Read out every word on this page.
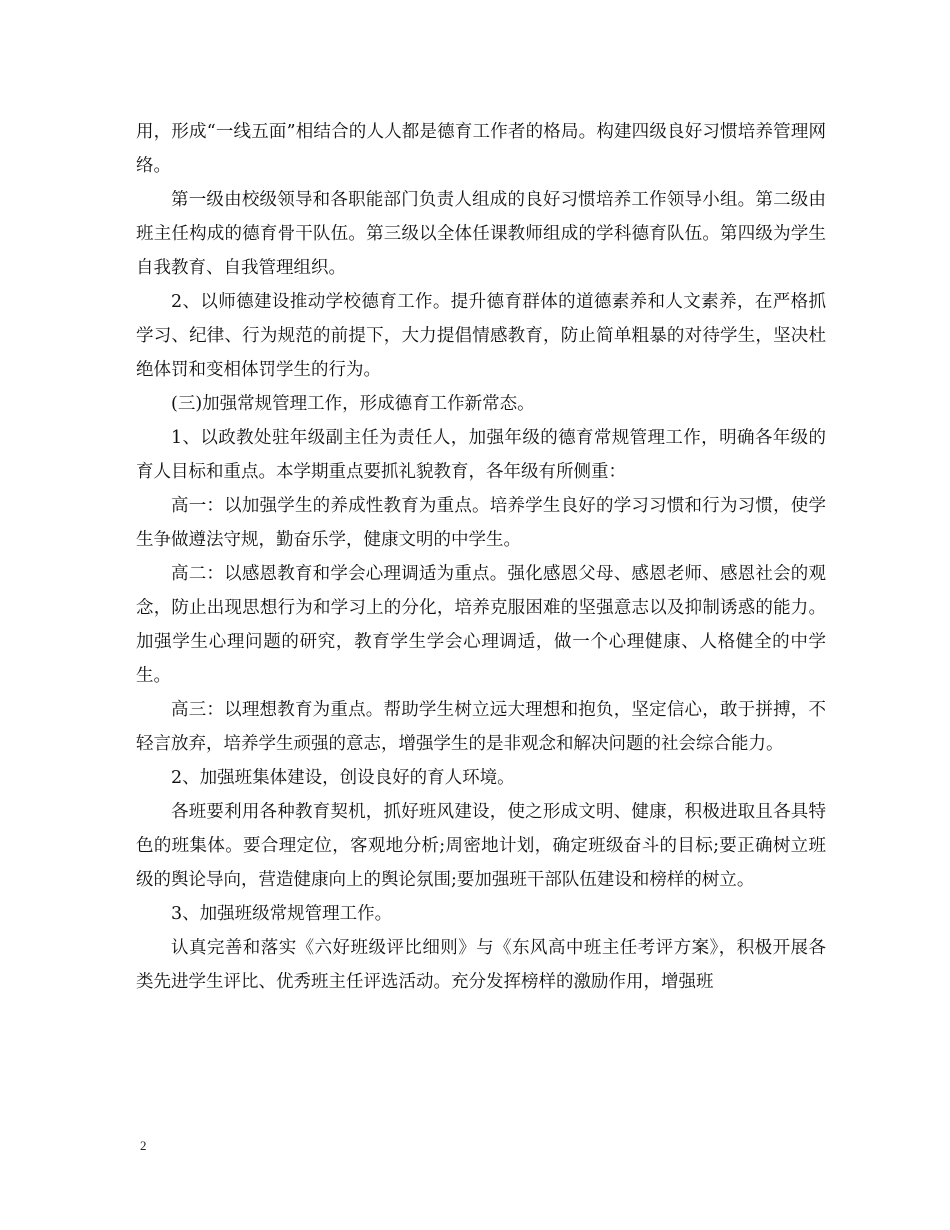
用，形成“一线五面”相结合的人人都是德育工作者的格局。构建四级良好习惯培养管理网络。

第一级由校级领导和各职能部门负责人组成的良好习惯培养工作领导小组。第二级由班主任构成的德育骨干队伍。第三级以全体任课教师组成的学科德育队伍。第四级为学生自我教育、自我管理组织。

2、以师德建设推动学校德育工作。提升德育群体的道德素养和人文素养，在严格抓学习、纪律、行为规范的前提下，大力提倡情感教育，防止简单粗暴的对待学生，坚决杜绝体罚和变相体罚学生的行为。

(三)加强常规管理工作，形成德育工作新常态。

1、以政教处驻年级副主任为责任人，加强年级的德育常规管理工作，明确各年级的育人目标和重点。本学期重点要抓礼貌教育，各年级有所侧重：

高一：以加强学生的养成性教育为重点。培养学生良好的学习习惯和行为习惯，使学生争做遵法守规，勤奋乐学，健康文明的中学生。

高二：以感恩教育和学会心理调适为重点。强化感恩父母、感恩老师、感恩社会的观念，防止出现思想行为和学习上的分化，培养克服困难的坚强意志以及抑制诱惑的能力。加强学生心理问题的研究，教育学生学会心理调适，做一个心理健康、人格健全的中学生。

高三：以理想教育为重点。帮助学生树立远大理想和抱负，坚定信心，敢于拼搏，不轻言放弃，培养学生顽强的意志，增强学生的是非观念和解决问题的社会综合能力。

2、加强班集体建设，创设良好的育人环境。

各班要利用各种教育契机，抓好班风建设，使之形成文明、健康，积极进取且各具特色的班集体。要合理定位，客观地分析;周密地计划，确定班级奋斗的目标;要正确树立班级的舆论导向，营造健康向上的舆论氛围;要加强班干部队伍建设和榜样的树立。

3、加强班级常规管理工作。

认真完善和落实《六好班级评比细则》与《东风高中班主任考评方案》，积极开展各类先进学生评比、优秀班主任评选活动。充分发挥榜样的激励作用，增强班

2
